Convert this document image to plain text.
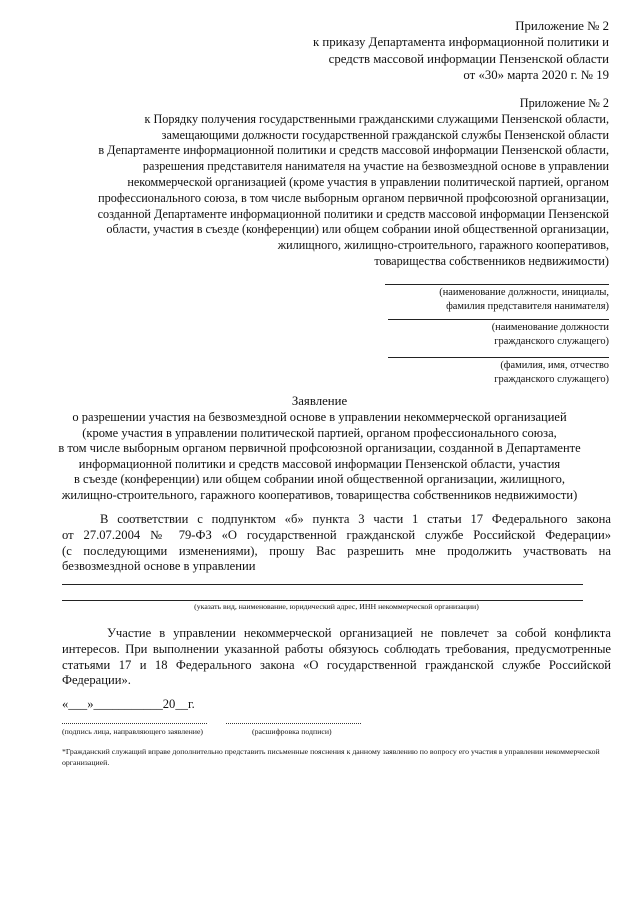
Приложение № 2
к приказу Департамента информационной политики и
средств массовой информации Пензенской области
от «30» марта 2020 г. № 19
Приложение № 2
к Порядку получения государственными гражданскими служащими Пензенской области,
замещающими должности государственной гражданской службы Пензенской области
в Департаменте информационной политики и средств массовой информации Пензенской области,
разрешения представителя нанимателя на участие на безвозмездной основе в управлении
некоммерческой организацией (кроме участия в управлении политической партией, органом
профессионального союза, в том числе выборным органом первичной профсоюзной организации,
созданной Департаменте информационной политики и средств массовой информации Пензенской
области, участия в съезде (конференции) или общем собрании иной общественной организации,
жилищного, жилищно-строительного, гаражного кооперативов,
товарищества собственников недвижимости)
(наименование должности, инициалы,
фамилия представителя нанимателя)
(наименование должности
гражданского служащего)
(фамилия, имя, отчество
гражданского служащего)
Заявление
о разрешении участия на безвозмездной основе в управлении некоммерческой организацией
(кроме участия в управлении политической партией, органом профессионального союза,
в том числе выборным органом первичной профсоюзной организации, созданной в Департаменте
информационной политики и средств массовой информации Пензенской области, участия
в съезде (конференции) или общем собрании иной общественной организации, жилищного,
жилищно-строительного, гаражного кооперативов, товарищества собственников недвижимости)
В соответствии с подпунктом «б» пункта 3 части 1 статьи 17 Федерального закона
от 27.07.2004 № 79-ФЗ «О государственной гражданской службе Российской Федерации»
(с последующими изменениями), прошу Вас разрешить мне продолжить участвовать на
безвозмездной основе в управлении
(указать вид, наименование, юридический адрес, ИНН некоммерческой организации)
Участие в управлении некоммерческой организацией не повлечет за собой конфликта
интересов. При выполнении указанной работы обязуюсь соблюдать требования, предусмотренные
статьями 17 и 18 Федерального закона «О государственной гражданской службе Российской
Федерации».
«___»___________20__г.
(подпись лица, направляющего заявление)	(расшифровка подписи)
*Гражданский служащий вправе дополнительно представить письменные пояснения к данному заявлению по вопросу его участия в управлении некоммерческой организацией.
